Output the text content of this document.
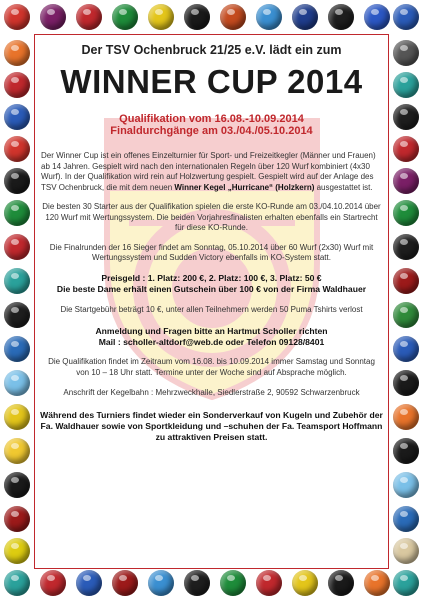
Der TSV Ochenbruck 21/25 e.V. lädt ein zum
WINNER CUP 2014
Qualifikation vom 16.08.-10.09.2014
Finaldurchgänge am 03./04./05.10.2014
Der Winner Cup ist ein offenes Einzelturnier für Sport- und Freizeitkegler (Männer und Frauen) ab 14 Jahren. Gespielt wird nach den internationalen Regeln über 120 Wurf kombiniert (4x30 Wurf). In der Qualifikation wird rein auf Holzwertung gespielt. Gespielt wird auf der Anlage des TSV Ochenbruck, die mit dem neuen Winner Kegel „Hurricane“ (Holzkern) ausgestattet ist.
Die besten 30 Starter aus der Qualifikation spielen die erste KO-Runde am 03./04.10.2014 über 120 Wurf mit Wertungssystem. Die beiden Vorjahresfinalisten erhalten ebenfalls ein Startrecht für diese KO-Runde.
Die Finalrunden der 16 Sieger findet am Sonntag, 05.10.2014 über 60 Wurf (2x30) Wurf mit Wertungssystem und Sudden Victory ebenfalls im KO-System statt.
Preisgeld : 1. Platz: 200 €, 2. Platz: 100 €, 3. Platz: 50 €
Die beste Dame erhält einen Gutschein über 100 € von der Firma Waldhauer
Die Startgebühr beträgt 10 €, unter allen Teilnehmern werden 50 Puma Tshirts verlost
Anmeldung und Fragen bitte an Hartmut Scholler richten
Mail : scholler-altdorf@web.de oder Telefon 09128/8401
Die Qualifikation findet im Zeitraum vom 16.08. bis 10.09.2014 immer Samstag und Sonntag von 10 – 18 Uhr statt. Termine unter der Woche sind auf Absprache möglich.
Anschrift der Kegelbahn : Mehrzweckhalle, Siedlerstraße 2, 90592 Schwarzenbruck
Während des Turniers findet wieder ein Sonderverkauf von Kugeln und Zubehör der Fa. Waldhauer sowie von Sportkleidung und –schuhen der Fa. Teamsport Hoffmann zu attraktiven Preisen statt.
